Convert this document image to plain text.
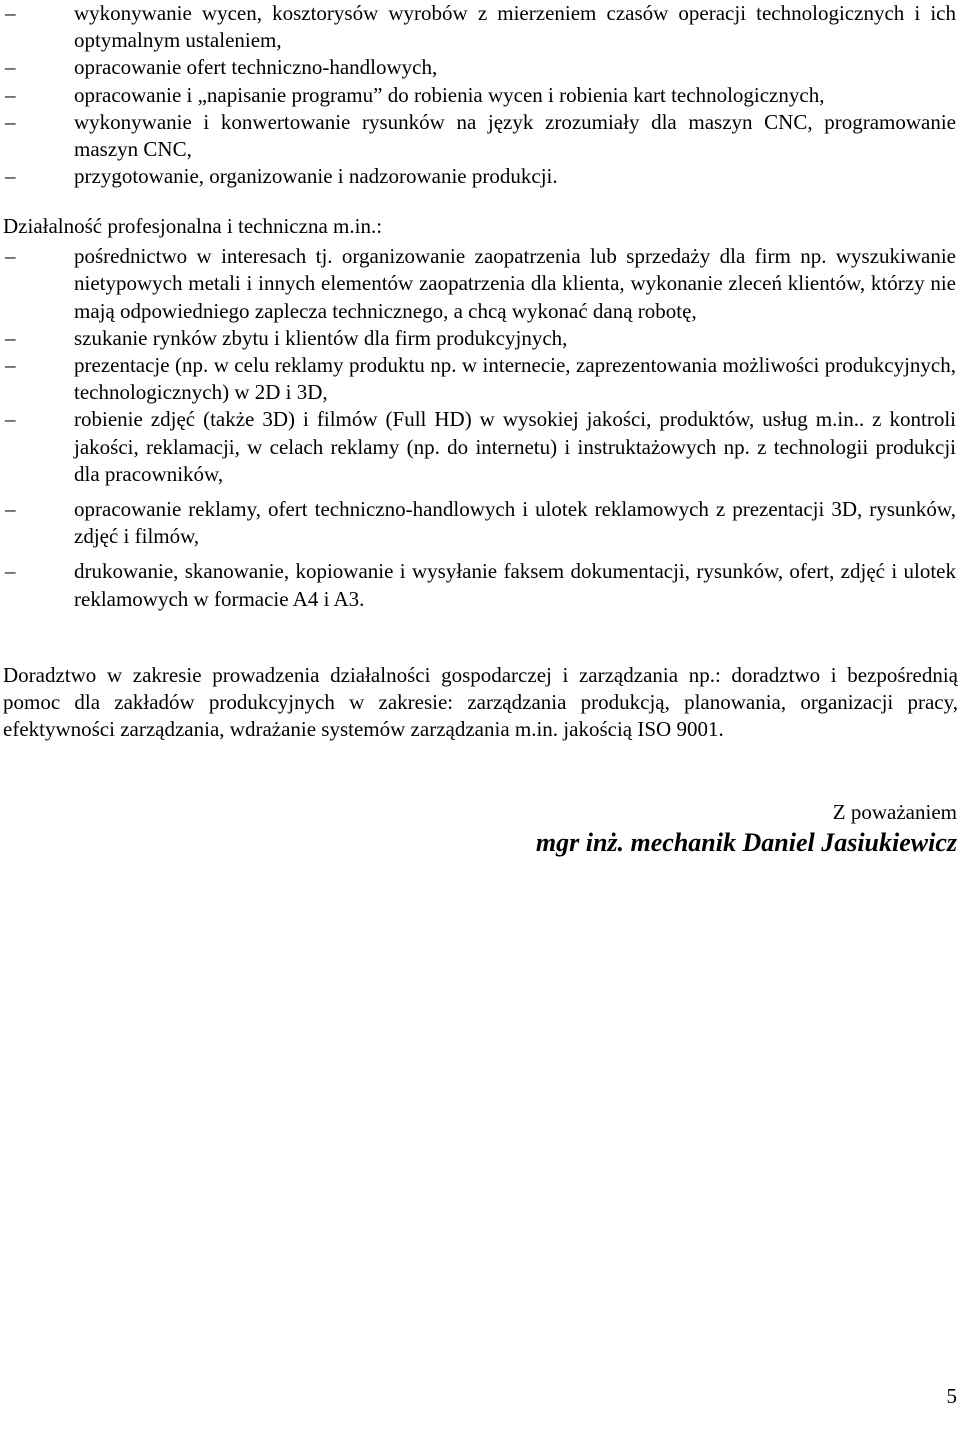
–	wykonywanie wycen, kosztorysów wyrobów z mierzeniem czasów operacji technologicznych i ich optymalnym ustaleniem,
–	opracowanie ofert techniczno-handlowych,
–	opracowanie i „napisanie programu” do robienia wycen i robienia kart technologicznych,
–	wykonywanie i konwertowanie rysunków na język zrozumiały dla maszyn CNC, programowanie maszyn CNC,
–	przygotowanie, organizowanie i nadzorowanie produkcji.
Działalność profesjonalna i techniczna m.in.:
–	pośrednictwo w interesach tj. organizowanie zaopatrzenia lub sprzedaży dla firm np. wyszukiwanie nietypowych metali i innych elementów zaopatrzenia dla klienta, wykonanie zleceń klientów, którzy nie mają odpowiedniego zaplecza technicznego, a chcą wykonać daną robotę,
–	szukanie rynków zbytu i klientów dla firm produkcyjnych,
–	prezentacje (np. w celu reklamy produktu np. w internecie, zaprezentowania możliwości produkcyjnych, technologicznych) w 2D i 3D,
–	robienie zdjęć (także 3D) i filmów (Full HD) w wysokiej jakości, produktów, usług m.in.. z kontroli jakości, reklamacji, w celach reklamy (np. do internetu) i instruktażowych np. z technologii produkcji dla pracowników,
–	opracowanie reklamy, ofert techniczno-handlowych i ulotek reklamowych z prezentacji 3D, rysunków, zdjęć i filmów,
–	drukowanie, skanowanie, kopiowanie i wysyłanie faksem dokumentacji, rysunków, ofert, zdjęć i ulotek reklamowych w formacie A4 i A3.

Doradztwo w zakresie prowadzenia działalności gospodarczej i zarządzania np.: doradztwo i bezpośrednią pomoc dla zakładów produkcyjnych w zakresie: zarządzania produkcją, planowania, organizacji pracy, efektywności zarządzania, wdrażanie systemów zarządzania m.in. jakością ISO 9001.

Z poważaniem
mgr inż. mechanik Daniel Jasiukiewicz
5
